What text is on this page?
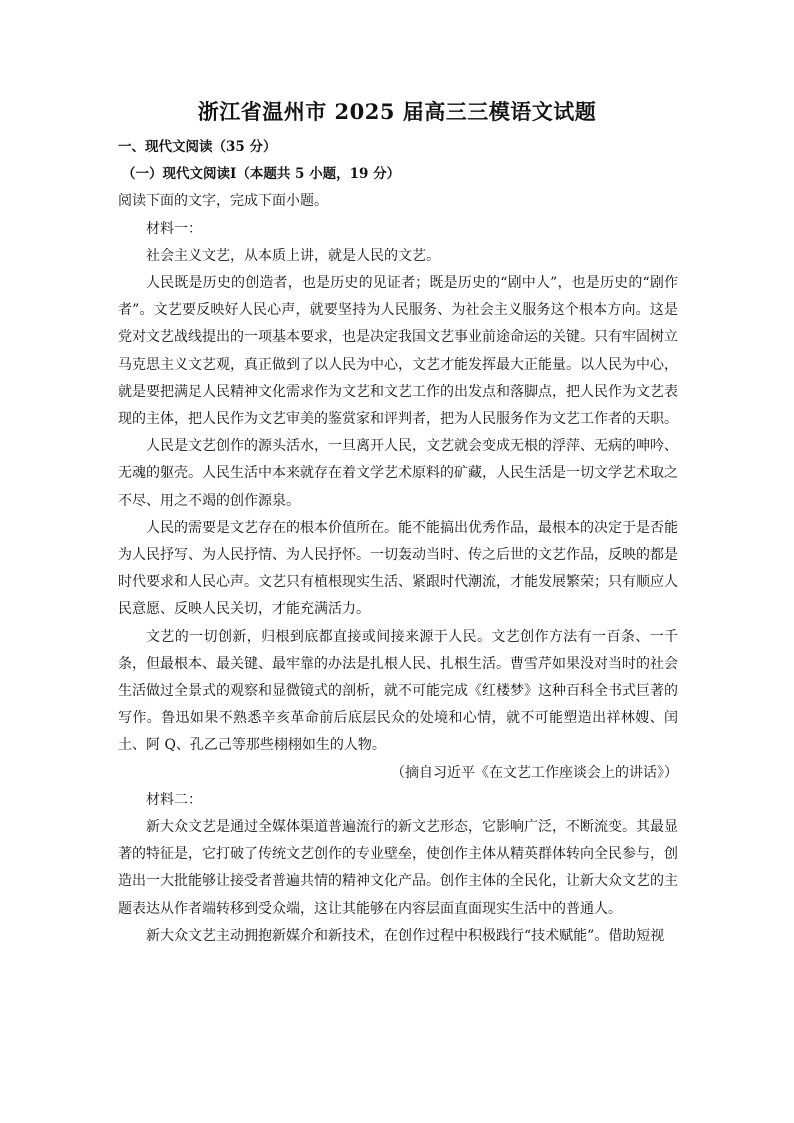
浙江省温州市 2025 届高三三模语文试题

一、现代文阅读（35 分）

（一）现代文阅读Ⅰ（本题共 5 小题，19 分）

阅读下面的文字，完成下面小题。

材料一：

社会主义文艺，从本质上讲，就是人民的文艺。

人民既是历史的创造者，也是历史的见证者；既是历史的“剧中人”，也是历史的“剧作者”。文艺要反映好人民心声，就要坚持为人民服务、为社会主义服务这个根本方向。这是党对文艺战线提出的一项基本要求，也是决定我国文艺事业前途命运的关键。只有牢固树立马克思主义文艺观，真正做到了以人民为中心，文艺才能发挥最大正能量。以人民为中心，就是要把满足人民精神文化需求作为文艺和文艺工作的出发点和落脚点，把人民作为文艺表现的主体，把人民作为文艺审美的鉴赏家和评判者，把为人民服务作为文艺工作者的天职。

人民是文艺创作的源头活水，一旦离开人民，文艺就会变成无根的浮萍、无病的呻吟、无魂的躯壳。人民生活中本来就存在着文学艺术原料的矿藏，人民生活是一切文学艺术取之不尽、用之不竭的创作源泉。

人民的需要是文艺存在的根本价值所在。能不能搞出优秀作品，最根本的决定于是否能为人民抒写、为人民抒情、为人民抒怀。一切轰动当时、传之后世的文艺作品，反映的都是时代要求和人民心声。文艺只有植根现实生活、紧跟时代潮流，才能发展繁荣；只有顺应人民意愿、反映人民关切，才能充满活力。

文艺的一切创新，归根到底都直接或间接来源于人民。文艺创作方法有一百条、一千条，但最根本、最关键、最牢靠的办法是扎根人民、扎根生活。曹雪芹如果没对当时的社会生活做过全景式的观察和显微镜式的剖析，就不可能完成《红楼梦》这种百科全书式巨著的写作。鲁迅如果不熟悉辛亥革命前后底层民众的处境和心情，就不可能塑造出祥林嫂、闰土、阿 Q、孔乙己等那些栩栩如生的人物。

（摘自习近平《在文艺工作座谈会上的讲话》）

材料二：

新大众文艺是通过全媒体渠道普遍流行的新文艺形态，它影响广泛，不断流变。其最显著的特征是，它打破了传统文艺创作的专业壁垒，使创作主体从精英群体转向全民参与，创造出一大批能够让接受者普遍共情的精神文化产品。创作主体的全民化，让新大众文艺的主题表达从作者端转移到受众端，这让其能够在内容层面直面现实生活中的普通人。

新大众文艺主动拥抱新媒介和新技术，在创作过程中积极践行“技术赋能”。借助短视
